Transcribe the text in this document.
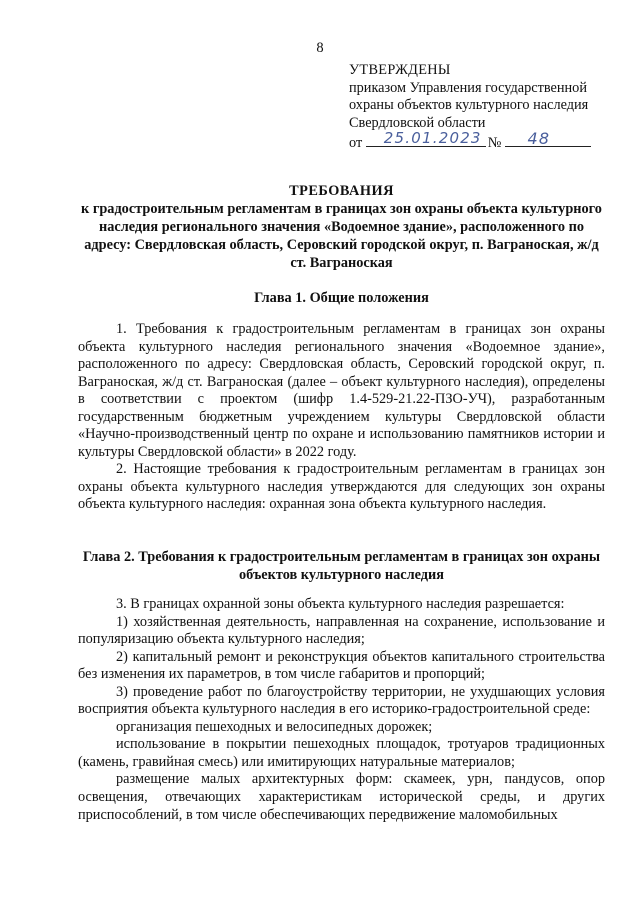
8
УТВЕРЖДЕНЫ
приказом Управления государственной
охраны объектов культурного наследия
Свердловской области
от 25.01.2023 № 48
ТРЕБОВАНИЯ
к градостроительным регламентам в границах зон охраны объекта культурного наследия регионального значения «Водоемное здание», расположенного по адресу: Свердловская область, Серовский городской округ, п. Ваграноская, ж/д ст. Ваграноская
Глава 1. Общие положения

1. Требования к градостроительным регламентам в границах зон охраны объекта культурного наследия регионального значения «Водоемное здание», расположенного по адресу: Свердловская область, Серовский городской округ, п. Ваграноская, ж/д ст. Ваграноская (далее – объект культурного наследия), определены в соответствии с проектом (шифр 1.4-529-21.22-ПЗО-УЧ), разработанным государственным бюджетным учреждением культуры Свердловской области «Научно-производственный центр по охране и использованию памятников истории и культуры Свердловской области» в 2022 году.

2. Настоящие требования к градостроительным регламентам в границах зон охраны объекта культурного наследия утверждаются для следующих зон охраны объекта культурного наследия: охранная зона объекта культурного наследия.

Глава 2. Требования к градостроительным регламентам в границах зон охраны объектов культурного наследия

3. В границах охранной зоны объекта культурного наследия разрешается:

1) хозяйственная деятельность, направленная на сохранение, использование и популяризацию объекта культурного наследия;

2) капитальный ремонт и реконструкция объектов капитального строительства без изменения их параметров, в том числе габаритов и пропорций;

3) проведение работ по благоустройству территории, не ухудшающих условия восприятия объекта культурного наследия в его историко-градостроительной среде:

организация пешеходных и велосипедных дорожек;

использование в покрытии пешеходных площадок, тротуаров традиционных (камень, гравийная смесь) или имитирующих натуральные материалов;

размещение малых архитектурных форм: скамеек, урн, пандусов, опор освещения, отвечающих характеристикам исторической среды, и других приспособлений, в том числе обеспечивающих передвижение маломобильных
